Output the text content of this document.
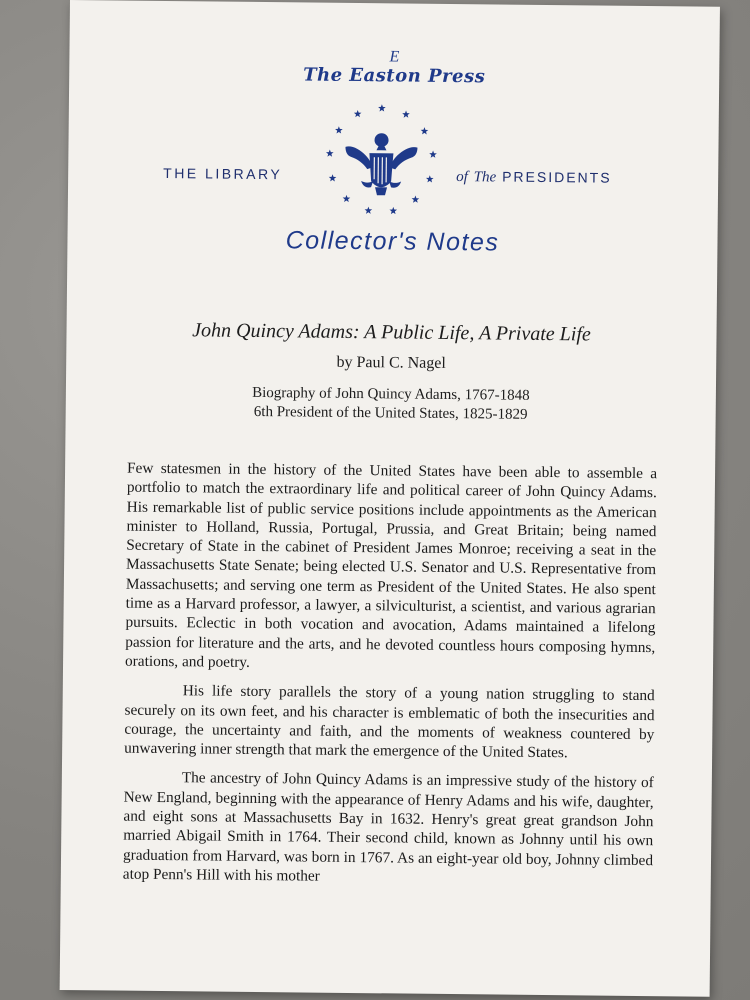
E
The Easton Press
THE LIBRARY	of The PRESIDENTS
Collector's Notes
John Quincy Adams: A Public Life, A Private Life
by Paul C. Nagel
Biography of John Quincy Adams, 1767-1848
6th President of the United States, 1825-1829

Few statesmen in the history of the United States have been able to assemble a portfolio to match the extraordinary life and political career of John Quincy Adams. His remarkable list of public service positions include appointments as the American minister to Holland, Russia, Portugal, Prussia, and Great Britain; being named Secretary of State in the cabinet of President James Monroe; receiving a seat in the Massachusetts State Senate; being elected U.S. Senator and U.S. Representative from Massachusetts; and serving one term as President of the United States. He also spent time as a Harvard professor, a lawyer, a silviculturist, a scientist, and various agrarian pursuits. Eclectic in both vocation and avocation, Adams maintained a lifelong passion for literature and the arts, and he devoted countless hours composing hymns, orations, and poetry.

His life story parallels the story of a young nation struggling to stand securely on its own feet, and his character is emblematic of both the insecurities and courage, the uncertainty and faith, and the moments of weakness countered by unwavering inner strength that mark the emergence of the United States.

The ancestry of John Quincy Adams is an impressive study of the history of New England, beginning with the appearance of Henry Adams and his wife, daughter, and eight sons at Massachusetts Bay in 1632. Henry's great great grandson John married Abigail Smith in 1764. Their second child, known as Johnny until his own graduation from Harvard, was born in 1767. As an eight-year old boy, Johnny climbed atop Penn's Hill with his mother
